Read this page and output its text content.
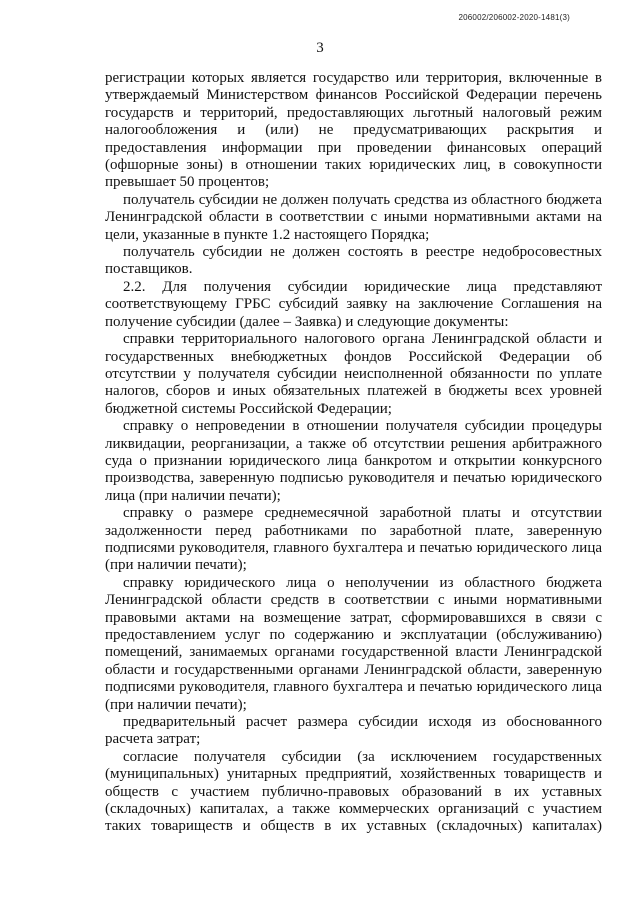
206002/206002-2020-1481(3)
3

регистрации которых является государство или территория, включенные в утверждаемый Министерством финансов Российской Федерации перечень государств и территорий, предоставляющих льготный налоговый режим налогообложения и (или) не предусматривающих раскрытия и предоставления информации при проведении финансовых операций (офшорные зоны) в отношении таких юридических лиц, в совокупности превышает 50 процентов;

получатель субсидии не должен получать средства из областного бюджета Ленинградской области в соответствии с иными нормативными актами на цели, указанные в пункте 1.2 настоящего Порядка;

получатель субсидии не должен состоять в реестре недобросовестных поставщиков.

2.2. Для получения субсидии юридические лица представляют соответствующему ГРБС субсидий заявку на заключение Соглашения на получение субсидии (далее – Заявка) и следующие документы:

справки территориального налогового органа Ленинградской области и государственных внебюджетных фондов Российской Федерации об отсутствии у получателя субсидии неисполненной обязанности по уплате налогов, сборов и иных обязательных платежей в бюджеты всех уровней бюджетной системы Российской Федерации;

справку о непроведении в отношении получателя субсидии процедуры ликвидации, реорганизации, а также об отсутствии решения арбитражного суда о признании юридического лица банкротом и открытии конкурсного производства, заверенную подписью руководителя и печатью юридического лица (при наличии печати);

справку о размере среднемесячной заработной платы и отсутствии задолженности перед работниками по заработной плате, заверенную подписями руководителя, главного бухгалтера и печатью юридического лица (при наличии печати);

справку юридического лица о неполучении из областного бюджета Ленинградской области средств в соответствии с иными нормативными правовыми актами на возмещение затрат, сформировавшихся в связи с предоставлением услуг по содержанию и эксплуатации (обслуживанию) помещений, занимаемых органами государственной власти Ленинградской области и государственными органами Ленинградской области, заверенную подписями руководителя, главного бухгалтера и печатью юридического лица (при наличии печати);

предварительный расчет размера субсидии исходя из обоснованного расчета затрат;

согласие получателя субсидии (за исключением государственных (муниципальных) унитарных предприятий, хозяйственных товариществ и обществ с участием публично-правовых образований в их уставных (складочных) капиталах, а также коммерческих организаций с участием таких товариществ и обществ в их уставных (складочных) капиталах)
